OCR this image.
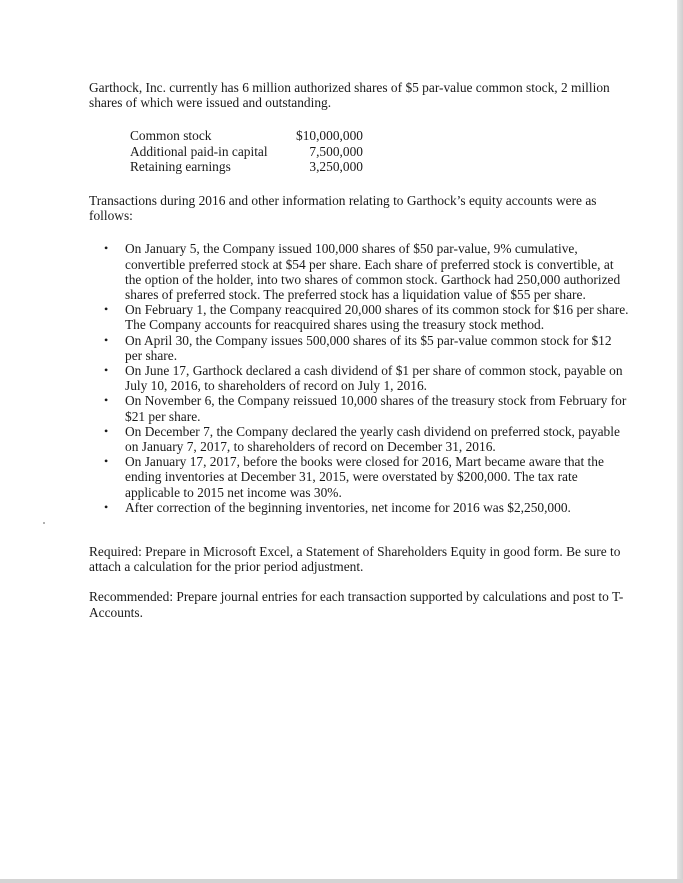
Garthock, Inc. currently has 6 million authorized shares of $5 par-value common stock, 2 million shares of which were issued and outstanding.

Common stock	$10,000,000
Additional paid-in capital	7,500,000
Retaining earnings	3,250,000

Transactions during 2016 and other information relating to Garthock’s equity accounts were as follows:

• On January 5, the Company issued 100,000 shares of $50 par-value, 9% cumulative, convertible preferred stock at $54 per share. Each share of preferred stock is convertible, at the option of the holder, into two shares of common stock. Garthock had 250,000 authorized shares of preferred stock. The preferred stock has a liquidation value of $55 per share.
• On February 1, the Company reacquired 20,000 shares of its common stock for $16 per share. The Company accounts for reacquired shares using the treasury stock method.
• On April 30, the Company issues 500,000 shares of its $5 par-value common stock for $12 per share.
• On June 17, Garthock declared a cash dividend of $1 per share of common stock, payable on July 10, 2016, to shareholders of record on July 1, 2016.
• On November 6, the Company reissued 10,000 shares of the treasury stock from February for $21 per share.
• On December 7, the Company declared the yearly cash dividend on preferred stock, payable on January 7, 2017, to shareholders of record on December 31, 2016.
• On January 17, 2017, before the books were closed for 2016, Mart became aware that the ending inventories at December 31, 2015, were overstated by $200,000. The tax rate applicable to 2015 net income was 30%.
• After correction of the beginning inventories, net income for 2016 was $2,250,000.

Required: Prepare in Microsoft Excel, a Statement of Shareholders Equity in good form. Be sure to attach a calculation for the prior period adjustment.

Recommended: Prepare journal entries for each transaction supported by calculations and post to T-Accounts.
